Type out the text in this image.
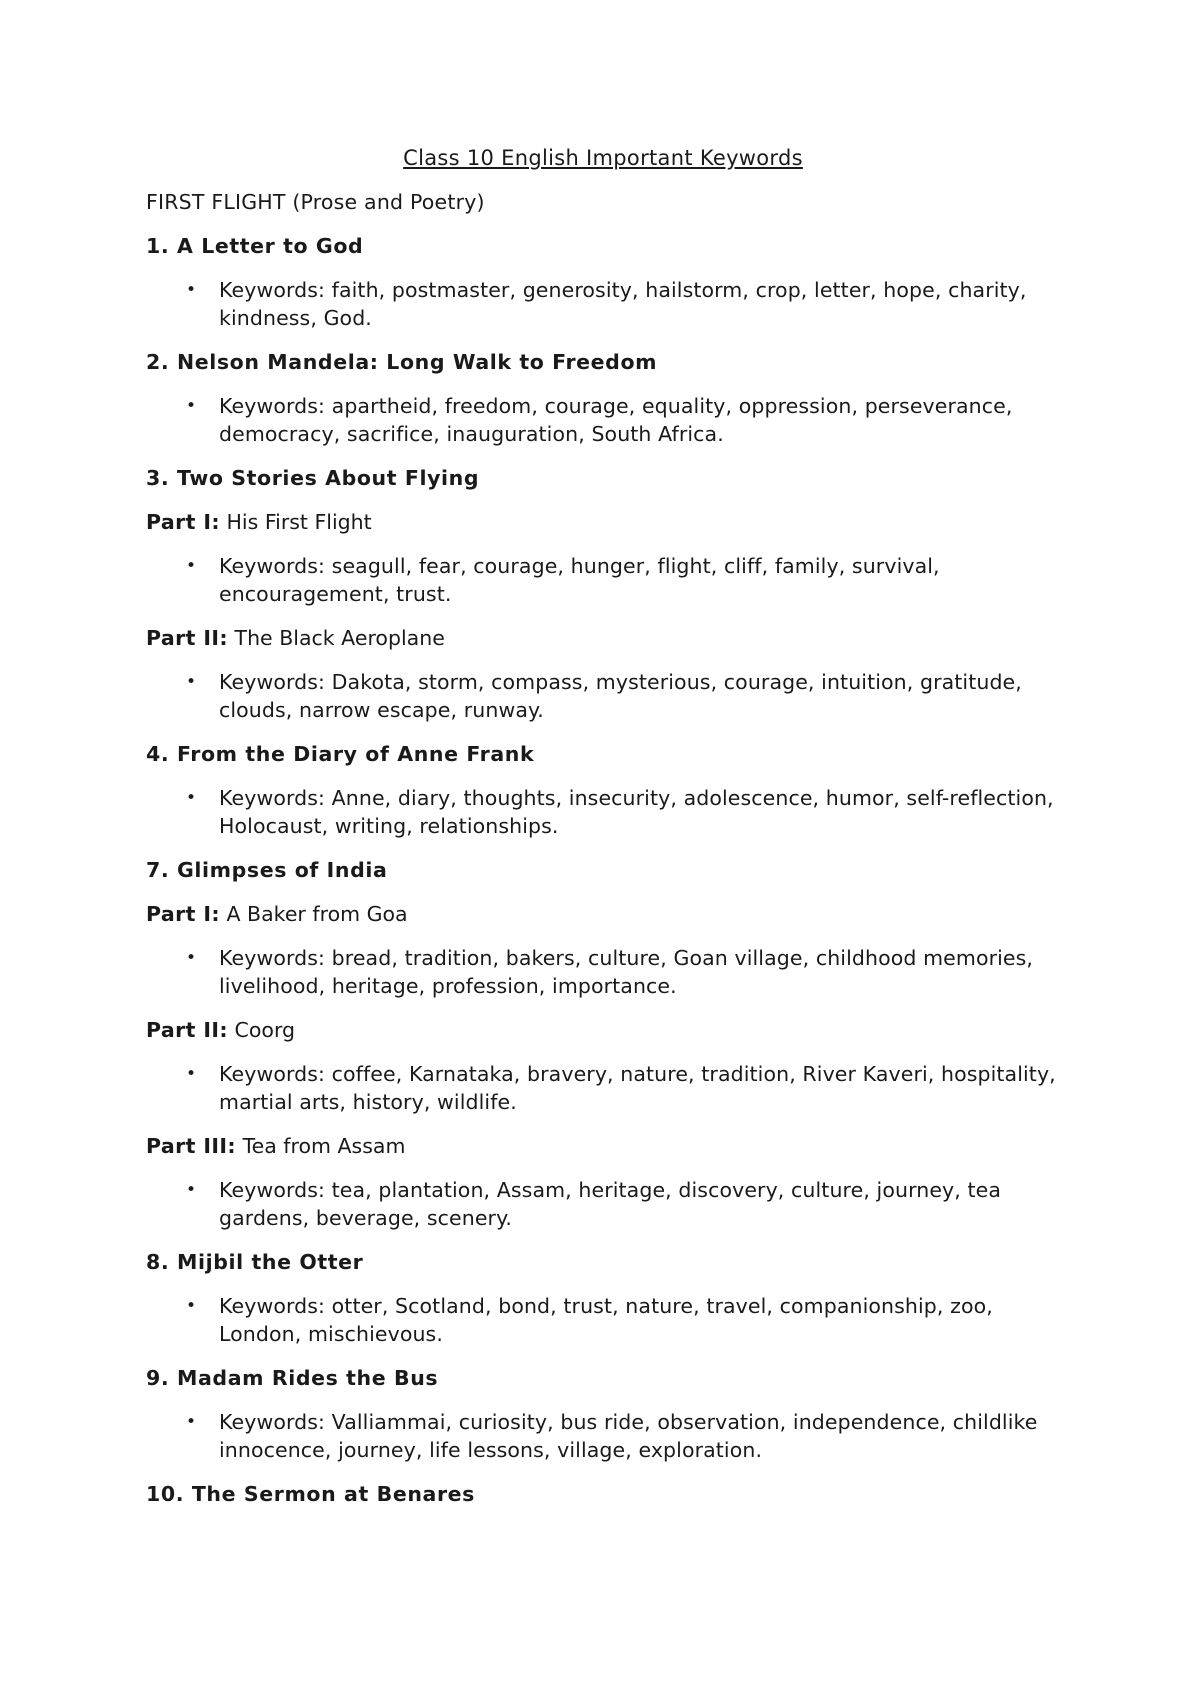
Class 10 English Important Keywords
FIRST FLIGHT (Prose and Poetry)
1. A Letter to God
• Keywords: faith, postmaster, generosity, hailstorm, crop, letter, hope, charity, kindness, God.
2. Nelson Mandela: Long Walk to Freedom
• Keywords: apartheid, freedom, courage, equality, oppression, perseverance, democracy, sacrifice, inauguration, South Africa.
3. Two Stories About Flying
Part I: His First Flight
• Keywords: seagull, fear, courage, hunger, flight, cliff, family, survival, encouragement, trust.
Part II: The Black Aeroplane
• Keywords: Dakota, storm, compass, mysterious, courage, intuition, gratitude, clouds, narrow escape, runway.
4. From the Diary of Anne Frank
• Keywords: Anne, diary, thoughts, insecurity, adolescence, humor, self-reflection, Holocaust, writing, relationships.
7. Glimpses of India
Part I: A Baker from Goa
• Keywords: bread, tradition, bakers, culture, Goan village, childhood memories, livelihood, heritage, profession, importance.
Part II: Coorg
• Keywords: coffee, Karnataka, bravery, nature, tradition, River Kaveri, hospitality, martial arts, history, wildlife.
Part III: Tea from Assam
• Keywords: tea, plantation, Assam, heritage, discovery, culture, journey, tea gardens, beverage, scenery.
8. Mijbil the Otter
• Keywords: otter, Scotland, bond, trust, nature, travel, companionship, zoo, London, mischievous.
9. Madam Rides the Bus
• Keywords: Valliammai, curiosity, bus ride, observation, independence, childlike innocence, journey, life lessons, village, exploration.
10. The Sermon at Benares
